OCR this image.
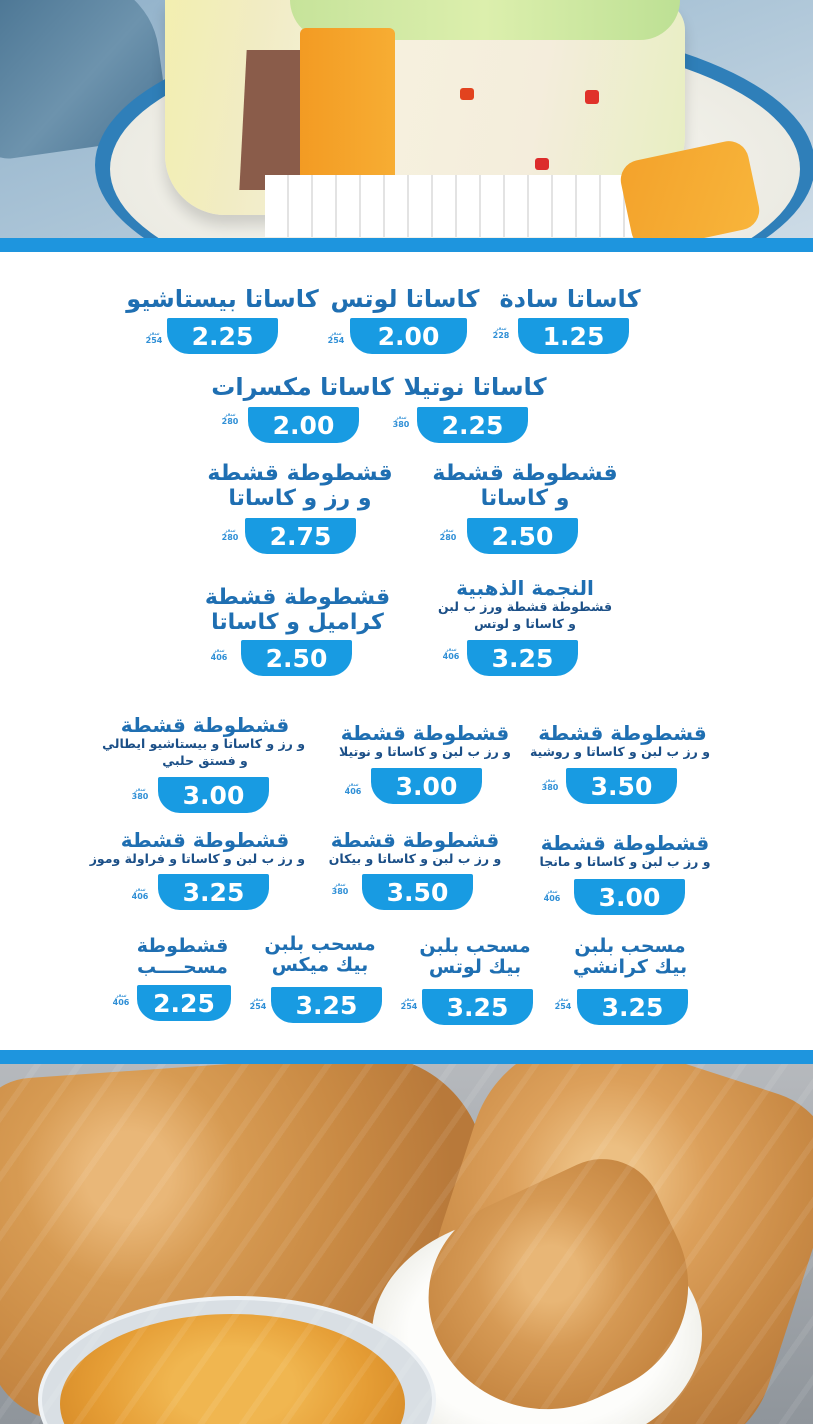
كاساتا سادة
1.25
سعر
228
كاساتا لوتس
2.00
سعر
254
كاساتا بيستاشيو
2.25
سعر
254
كاساتا نوتيلا
2.25
سعر
380
كاساتا مكسرات
2.00
سعر
280
قشطوطة قشطة
و كاساتا
2.50
سعر
280
قشطوطة قشطة
و رز و كاساتا
2.75
سعر
280
النجمة الذهبية
قشطوطة قشطة ورز ب لبن
و كاساتا و لوتس
3.25
سعر
406
قشطوطة قشطة
كراميل و كاساتا
2.50
سعر
406
قشطوطة قشطة
و رز ب لبن و كاساتا و روشية
3.50
سعر
380
قشطوطة قشطة
و رز ب لبن و كاساتا و نوتيلا
3.00
سعر
406
قشطوطة قشطة
و رز و كاساتا و بيستاشيو ايطالي
و فستق حلبي
3.00
سعر
380
قشطوطة قشطة
و رز ب لبن و كاساتا و مانجا
3.00
سعر
406
قشطوطة قشطة
و رز ب لبن و كاساتا و بيكان
3.50
سعر
380
قشطوطة قشطة
و رز ب لبن و كاساتا و فراولة وموز
3.25
سعر
406
مسحب بلبن
بيك كرانشي
3.25
سعر
254
مسحب بلبن
بيك لوتس
3.25
سعر
254
مسحب بلبن
بيك ميكس
3.25
سعر
254
قشطوطة
مسحــــب
2.25
سعر
406
